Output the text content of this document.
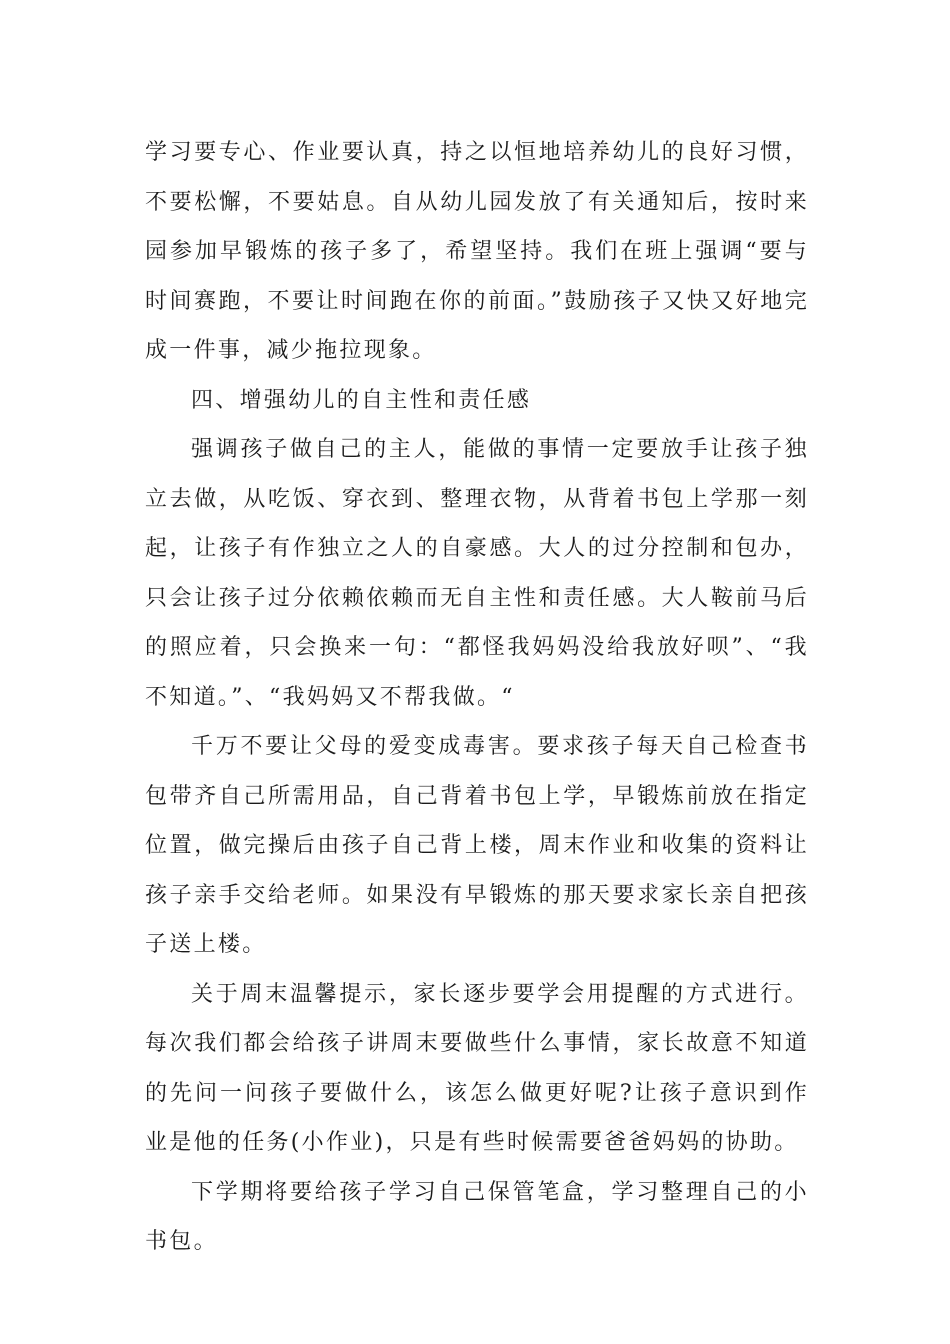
学习要专心、作业要认真，持之以恒地培养幼儿的良好习惯，不要松懈，不要姑息。自从幼儿园发放了有关通知后，按时来园参加早锻炼的孩子多了，希望坚持。我们在班上强调“要与时间赛跑，不要让时间跑在你的前面。”鼓励孩子又快又好地完成一件事，减少拖拉现象。

四、增强幼儿的自主性和责任感

强调孩子做自己的主人，能做的事情一定要放手让孩子独立去做，从吃饭、穿衣到、整理衣物，从背着书包上学那一刻起，让孩子有作独立之人的自豪感。大人的过分控制和包办，只会让孩子过分依赖依赖而无自主性和责任感。大人鞍前马后的照应着，只会换来一句：“都怪我妈妈没给我放好呗”、“我不知道。”、“我妈妈又不帮我做。“

千万不要让父母的爱变成毒害。要求孩子每天自己检查书包带齐自己所需用品，自己背着书包上学，早锻炼前放在指定位置，做完操后由孩子自己背上楼，周末作业和收集的资料让孩子亲手交给老师。如果没有早锻炼的那天要求家长亲自把孩子送上楼。

关于周末温馨提示，家长逐步要学会用提醒的方式进行。每次我们都会给孩子讲周末要做些什么事情，家长故意不知道的先问一问孩子要做什么，该怎么做更好呢?让孩子意识到作业是他的任务(小作业)，只是有些时候需要爸爸妈妈的协助。

下学期将要给孩子学习自己保管笔盒，学习整理自己的小书包。
